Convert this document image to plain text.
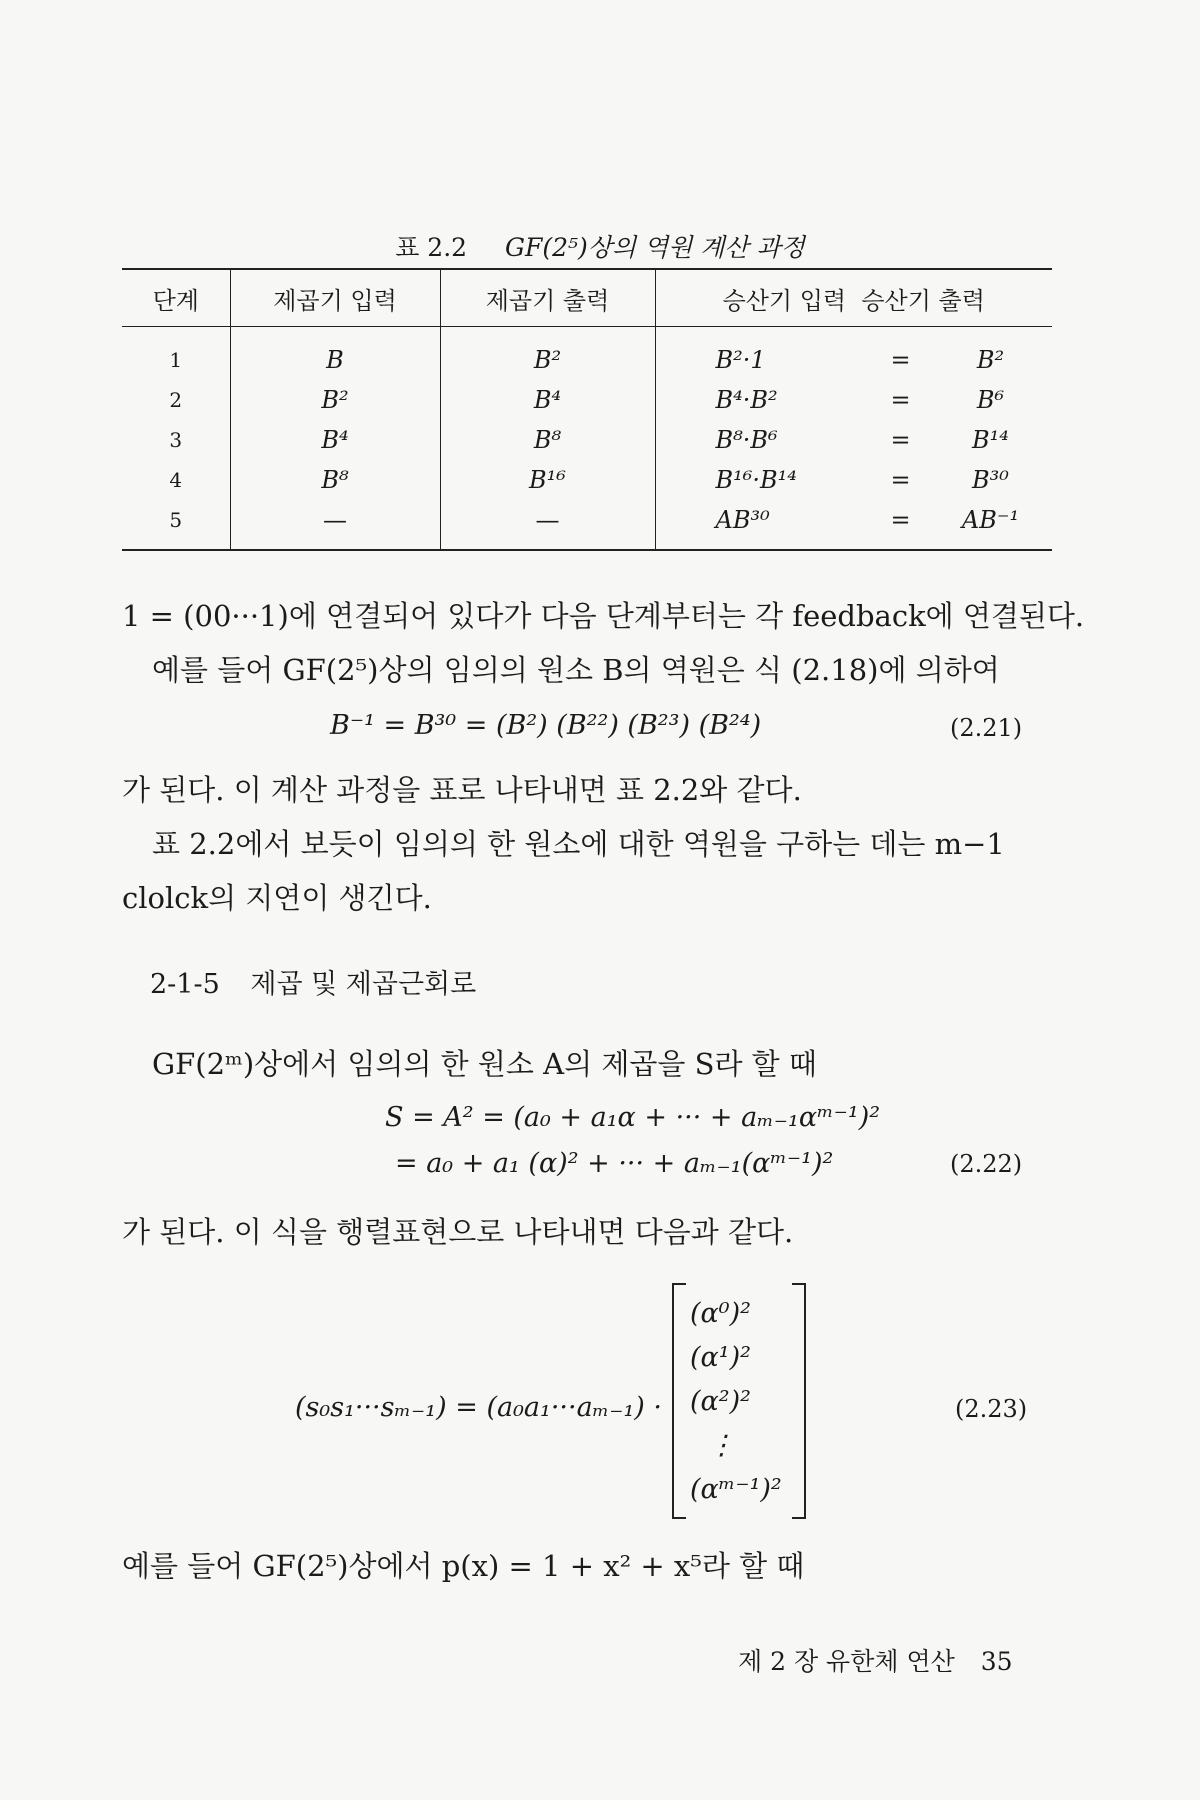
표 2.2 GF(2⁵)상의 역원 계산 과정
단계	제곱기 입력	제곱기 출력	승산기 입력  승산기 출력
1	B	B²	B²·1 = B²

2	B²	B⁴	B⁴·B² = B⁶

3	B⁴	B⁸	B⁸·B⁶ = B¹⁴

4	B⁸	B¹⁶	B¹⁶·B¹⁴ = B³⁰

5	—	—	AB³⁰ = AB⁻¹
1 = (00···1)에 연결되어 있다가 다음 단계부터는 각 feedback에 연결된다.
예를 들어 GF(2⁵)상의 임의의 원소 B의 역원은 식 (2.18)에 의하여
B⁻¹ = B³⁰ = (B²) (B²²) (B²³) (B²⁴)	(2.21)
가 된다. 이 계산 과정을 표로 나타내면 표 2.2와 같다.
표 2.2에서 보듯이 임의의 한 원소에 대한 역원을 구하는 데는 m−1
clolck의 지연이 생긴다.
2-1-5 제곱 및 제곱근회로
GF(2ᵐ)상에서 임의의 한 원소 A의 제곱을 S라 할 때
S = A² = (a₀ + a₁α + ··· + aₘ₋₁αᵐ⁻¹)²
= a₀ + a₁ (α)² + ··· + aₘ₋₁(αᵐ⁻¹)²	(2.22)
가 된다. 이 식을 행렬표현으로 나타내면 다음과 같다.
(s₀s₁···sₘ₋₁) = (a₀a₁···aₘ₋₁) ·
(α⁰)²
(α¹)²
(α²)²
⋮
(αᵐ⁻¹)²
(2.23)
예를 들어 GF(2⁵)상에서 p(x) = 1 + x² + x⁵라 할 때
제 2 장 유한체 연산 35
